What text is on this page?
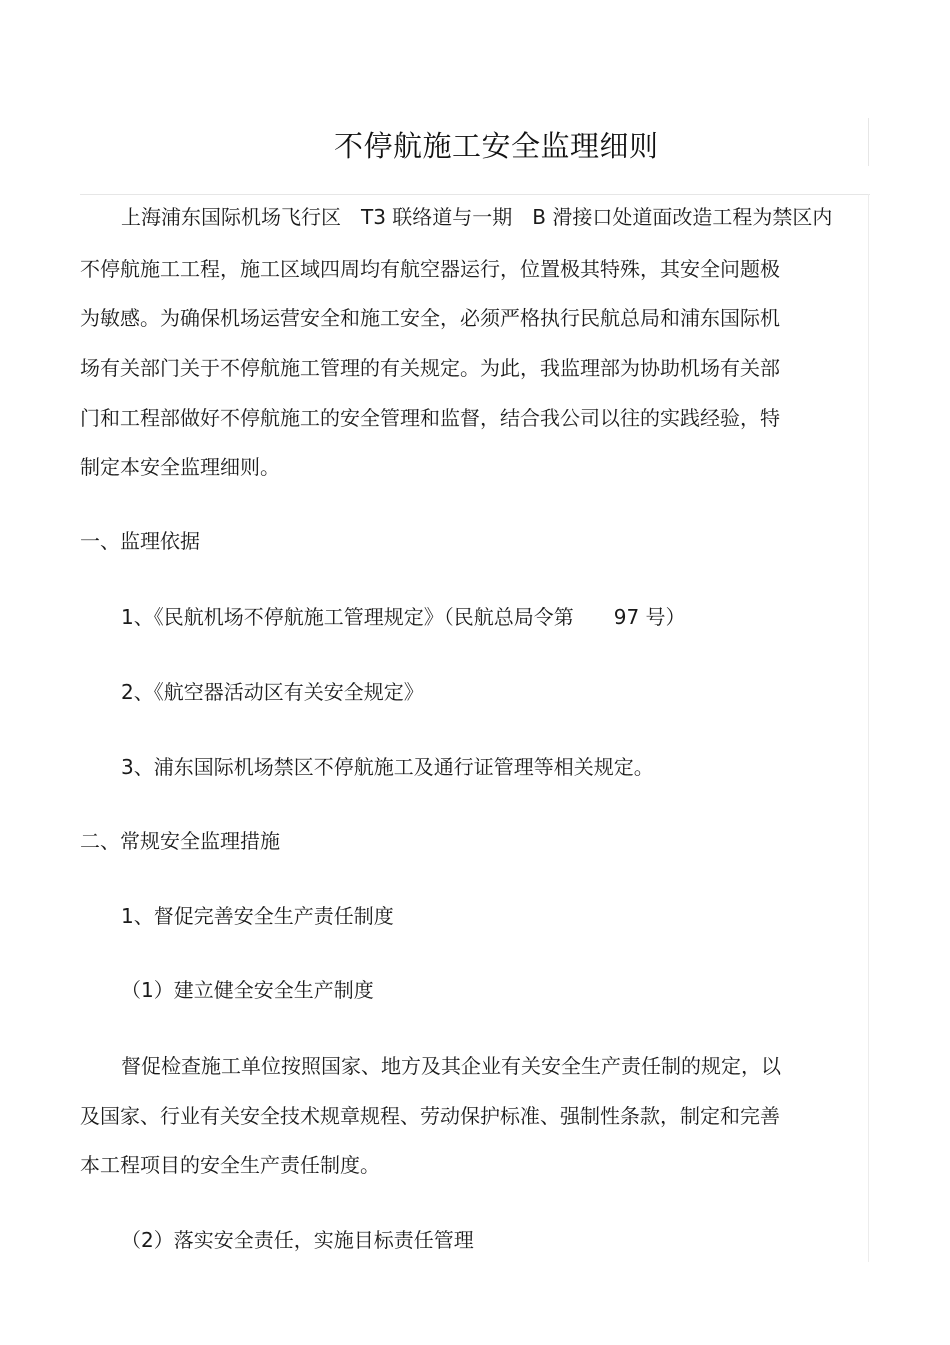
不停航施工安全监理细则
上海浦东国际机场飞行区　T3 联络道与一期　B 滑接口处道面改造工程为禁区内
不停航施工工程，施工区域四周均有航空器运行，位置极其特殊，其安全问题极
为敏感。为确保机场运营安全和施工安全，必须严格执行民航总局和浦东国际机
场有关部门关于不停航施工管理的有关规定。为此，我监理部为协助机场有关部
门和工程部做好不停航施工的安全管理和监督，结合我公司以往的实践经验，特
制定本安全监理细则。
一、监理依据
1、《民航机场不停航施工管理规定》（民航总局令第　　97 号）
2、《航空器活动区有关安全规定》
3、浦东国际机场禁区不停航施工及通行证管理等相关规定。
二、常规安全监理措施
1、督促完善安全生产责任制度
（1）建立健全安全生产制度
督促检查施工单位按照国家、地方及其企业有关安全生产责任制的规定，以
及国家、行业有关安全技术规章规程、劳动保护标准、强制性条款，制定和完善
本工程项目的安全生产责任制度。
（2）落实安全责任，实施目标责任管理
